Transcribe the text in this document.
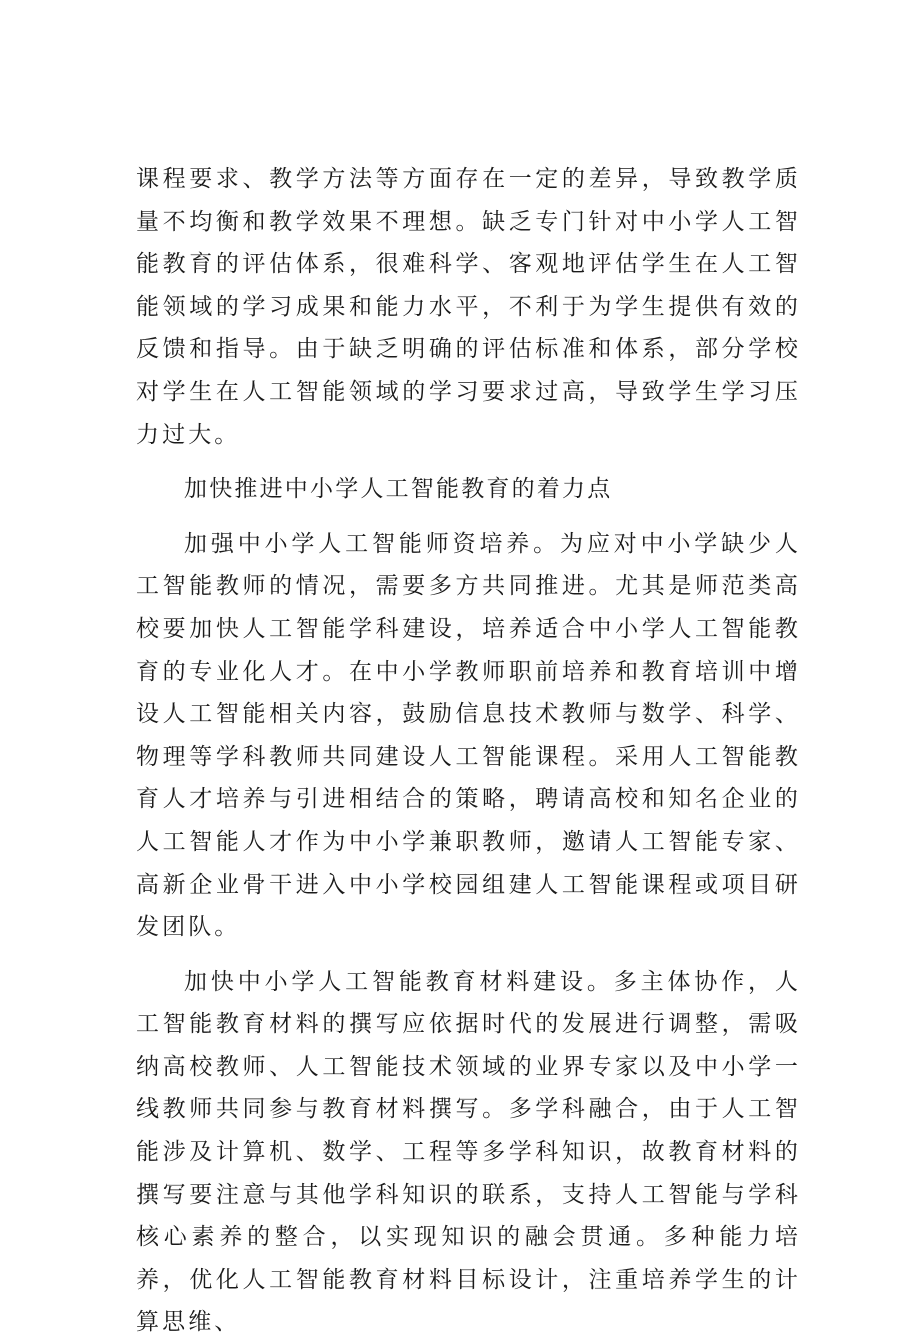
课程要求、教学方法等方面存在一定的差异，导致教学质量不均衡和教学效果不理想。缺乏专门针对中小学人工智能教育的评估体系，很难科学、客观地评估学生在人工智能领域的学习成果和能力水平，不利于为学生提供有效的反馈和指导。由于缺乏明确的评估标准和体系，部分学校对学生在人工智能领域的学习要求过高，导致学生学习压力过大。

加快推进中小学人工智能教育的着力点

加强中小学人工智能师资培养。为应对中小学缺少人工智能教师的情况，需要多方共同推进。尤其是师范类高校要加快人工智能学科建设，培养适合中小学人工智能教育的专业化人才。在中小学教师职前培养和教育培训中增设人工智能相关内容，鼓励信息技术教师与数学、科学、物理等学科教师共同建设人工智能课程。采用人工智能教育人才培养与引进相结合的策略，聘请高校和知名企业的人工智能人才作为中小学兼职教师，邀请人工智能专家、高新企业骨干进入中小学校园组建人工智能课程或项目研发团队。

加快中小学人工智能教育材料建设。多主体协作，人工智能教育材料的撰写应依据时代的发展进行调整，需吸纳高校教师、人工智能技术领域的业界专家以及中小学一线教师共同参与教育材料撰写。多学科融合，由于人工智能涉及计算机、数学、工程等多学科知识，故教育材料的撰写要注意与其他学科知识的联系，支持人工智能与学科核心素养的整合，以实现知识的融会贯通。多种能力培养，优化人工智能教育材料目标设计，注重培养学生的计算思维、
